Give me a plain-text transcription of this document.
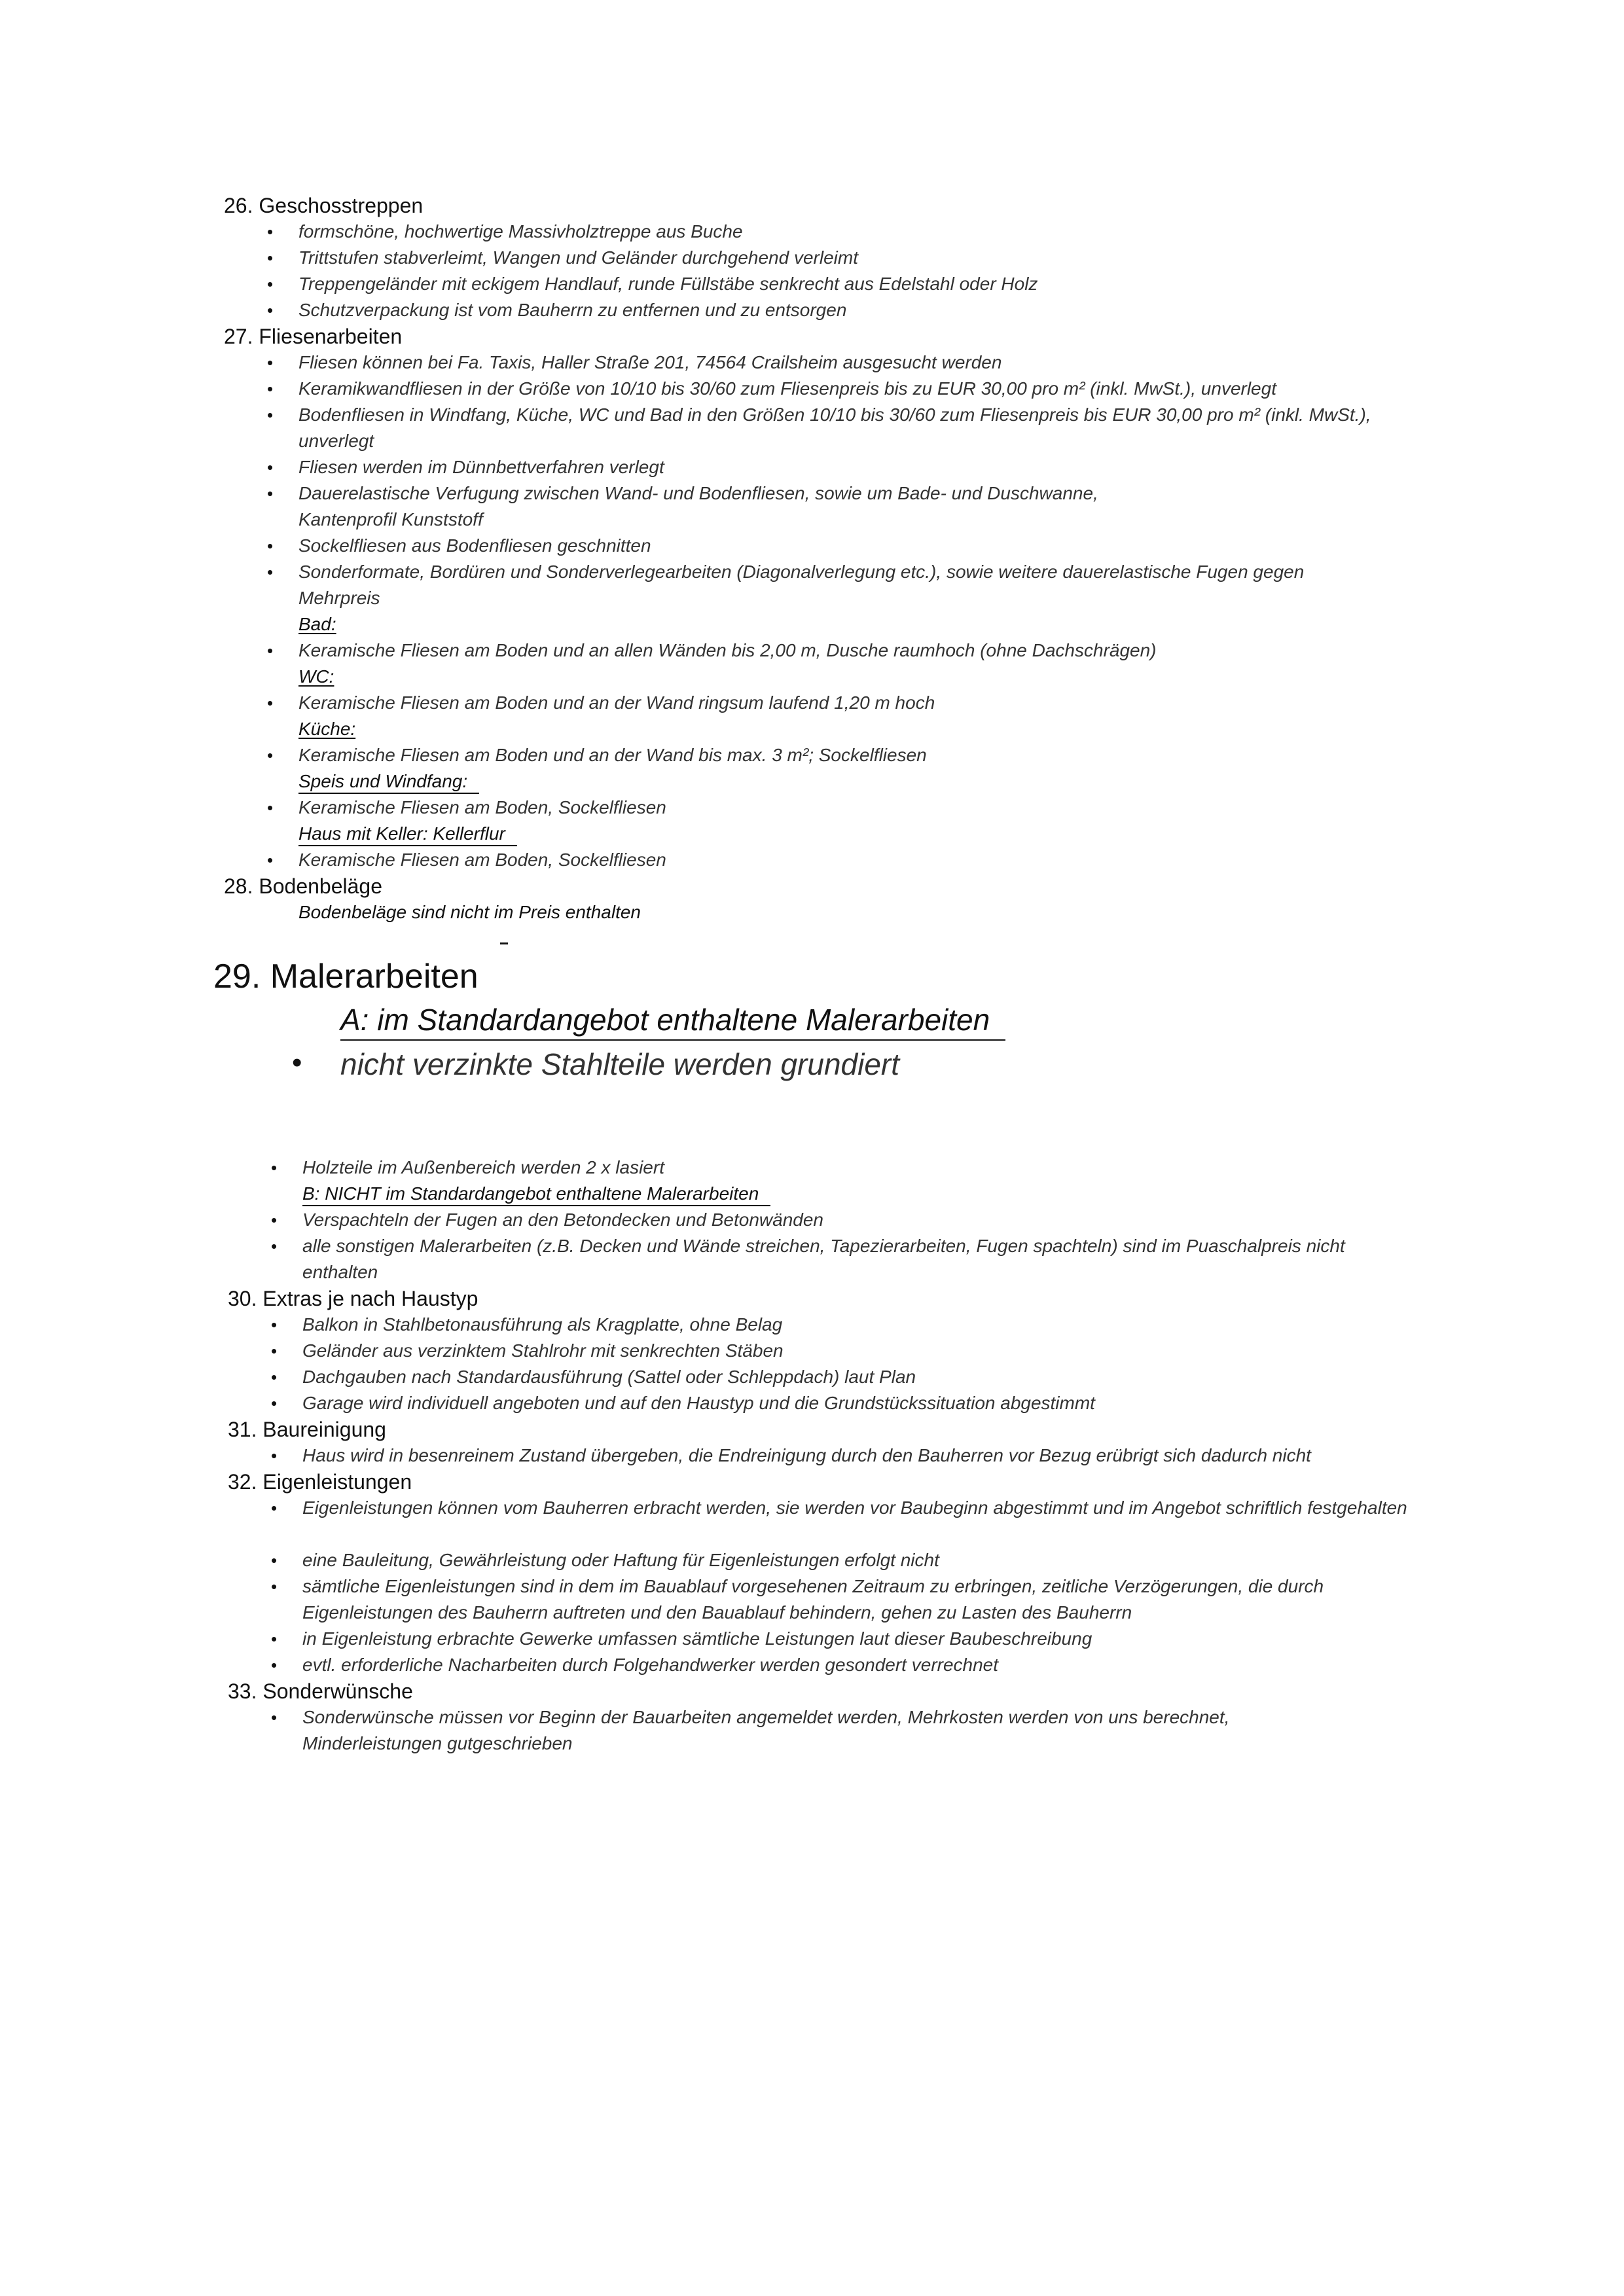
26. Geschosstreppen
• formschöne, hochwertige Massivholztreppe aus Buche
• Trittstufen stabverleimt, Wangen und Geländer durchgehend verleimt
• Treppengeländer mit eckigem Handlauf, runde Füllstäbe senkrecht aus Edelstahl oder Holz
• Schutzverpackung ist vom Bauherrn zu entfernen und zu entsorgen
27. Fliesenarbeiten
• Fliesen können bei Fa. Taxis, Haller Straße 201, 74564 Crailsheim ausgesucht werden
• Keramikwandfliesen in der Größe von 10/10 bis 30/60 zum Fliesenpreis bis zu EUR 30,00 pro m² (inkl. MwSt.), unverlegt
• Bodenfliesen in Windfang, Küche, WC und Bad in den Größen 10/10 bis 30/60 zum Fliesenpreis bis EUR 30,00 pro m² (inkl. MwSt.), unverlegt
• Fliesen werden im Dünnbettverfahren verlegt
• Dauerelastische Verfugung zwischen Wand- und Bodenfliesen, sowie um Bade- und Duschwanne,
Kantenprofil Kunststoff
• Sockelfliesen aus Bodenfliesen geschnitten
• Sonderformate, Bordüren und Sonderverlegearbeiten (Diagonalverlegung etc.), sowie weitere dauerelastische Fugen gegen Mehrpreis
Bad:
• Keramische Fliesen am Boden und an allen Wänden bis 2,00 m, Dusche raumhoch (ohne Dachschrägen)
WC:
• Keramische Fliesen am Boden und an der Wand ringsum laufend 1,20 m hoch
Küche:
• Keramische Fliesen am Boden und an der Wand bis max. 3 m²; Sockelfliesen
Speis und Windfang:
• Keramische Fliesen am Boden, Sockelfliesen
Haus mit Keller: Kellerflur
• Keramische Fliesen am Boden, Sockelfliesen
28. Bodenbeläge
Bodenbeläge sind nicht im Preis enthalten
29. Malerarbeiten
A: im Standardangebot enthaltene Malerarbeiten
• nicht verzinkte Stahlteile werden grundiert
• Holzteile im Außenbereich werden 2 x lasiert
B: NICHT im Standardangebot enthaltene Malerarbeiten
• Verspachteln der Fugen an den Betondecken und Betonwänden
• alle sonstigen Malerarbeiten (z.B. Decken und Wände streichen, Tapezierarbeiten, Fugen spachteln) sind im Puaschalpreis nicht enthalten
30. Extras je nach Haustyp
• Balkon in Stahlbetonausführung als Kragplatte, ohne Belag
• Geländer aus verzinktem Stahlrohr mit senkrechten Stäben
• Dachgauben nach Standardausführung (Sattel oder Schleppdach) laut Plan
• Garage wird individuell angeboten und auf den Haustyp und die Grundstückssituation abgestimmt
31. Baureinigung
• Haus wird in besenreinem Zustand übergeben, die Endreinigung durch den Bauherren vor Bezug erübrigt sich dadurch nicht
32. Eigenleistungen
• Eigenleistungen können vom Bauherren erbracht werden, sie werden vor Baubeginn abgestimmt und im Angebot schriftlich festgehalten
• eine Bauleitung, Gewährleistung oder Haftung für Eigenleistungen erfolgt nicht
• sämtliche Eigenleistungen sind in dem im Bauablauf vorgesehenen Zeitraum zu erbringen, zeitliche Verzögerungen, die durch Eigenleistungen des Bauherrn auftreten und den Bauablauf behindern, gehen zu Lasten des Bauherrn
• in Eigenleistung erbrachte Gewerke umfassen sämtliche Leistungen laut dieser Baubeschreibung
• evtl. erforderliche Nacharbeiten durch Folgehandwerker werden gesondert verrechnet
33. Sonderwünsche
• Sonderwünsche müssen vor Beginn der Bauarbeiten angemeldet werden, Mehrkosten werden von uns berechnet, Minderleistungen gutgeschrieben
